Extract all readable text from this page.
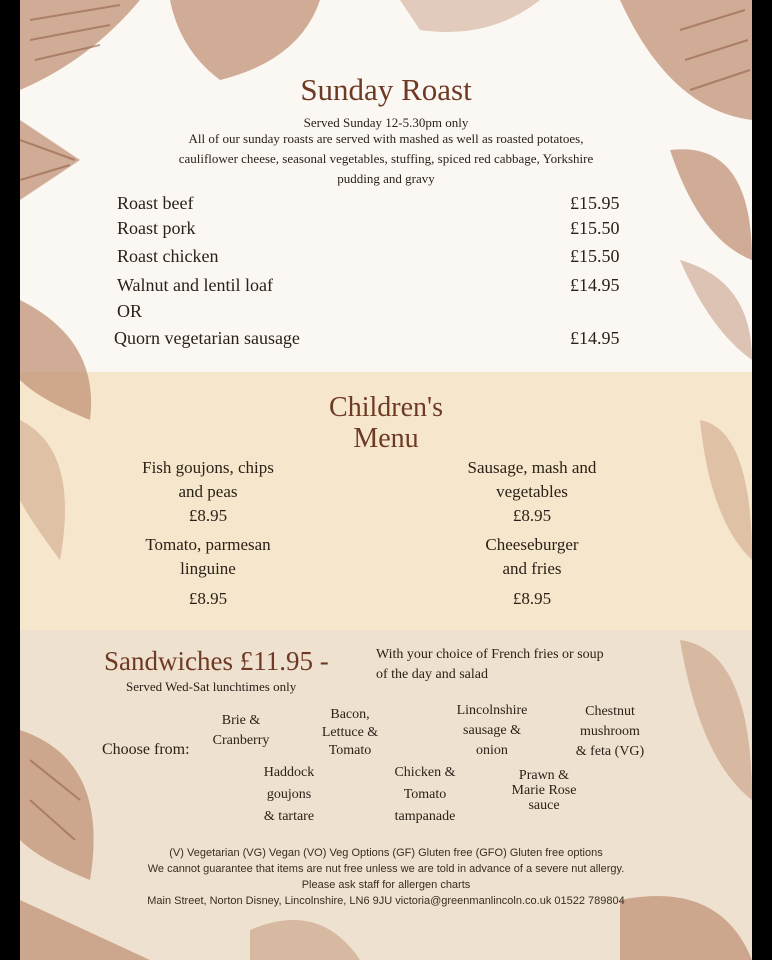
Sunday Roast
Served Sunday 12-5.30pm only
All of our sunday roasts are served with mashed as well as roasted potatoes,
cauliflower cheese, seasonal vegetables, stuffing, spiced red cabbage, Yorkshire
pudding and gravy
Roast beef	£15.95
Roast pork	£15.50
Roast chicken	£15.50
Walnut and lentil loaf	£14.95
OR
Quorn vegetarian sausage	£14.95
Children's
Menu
Fish goujons, chips
and peas
£8.95
Sausage, mash and
vegetables
£8.95
Tomato, parmesan
linguine
£8.95
Cheeseburger
and fries
£8.95
Sandwiches £11.95 -	With your choice of French fries or soup
of the day and salad
Served Wed-Sat lunchtimes only
Choose from:
Brie &
Cranberry
Bacon,
Lettuce &
Tomato
Lincolnshire
sausage &
onion
Chestnut
mushroom
& feta (VG)
Haddock
goujons
& tartare
Chicken &
Tomato
tampanade
Prawn &
Marie Rose
sauce
(V) Vegetarian (VG) Vegan (VO) Veg Options (GF) Gluten free (GFO) Gluten free options
We cannot guarantee that items are nut free unless we are told in advance of a severe nut allergy.
Please ask staff for allergen charts
Main Street, Norton Disney, Lincolnshire, LN6 9JU victoria@greenmanlincoln.co.uk 01522 789804
